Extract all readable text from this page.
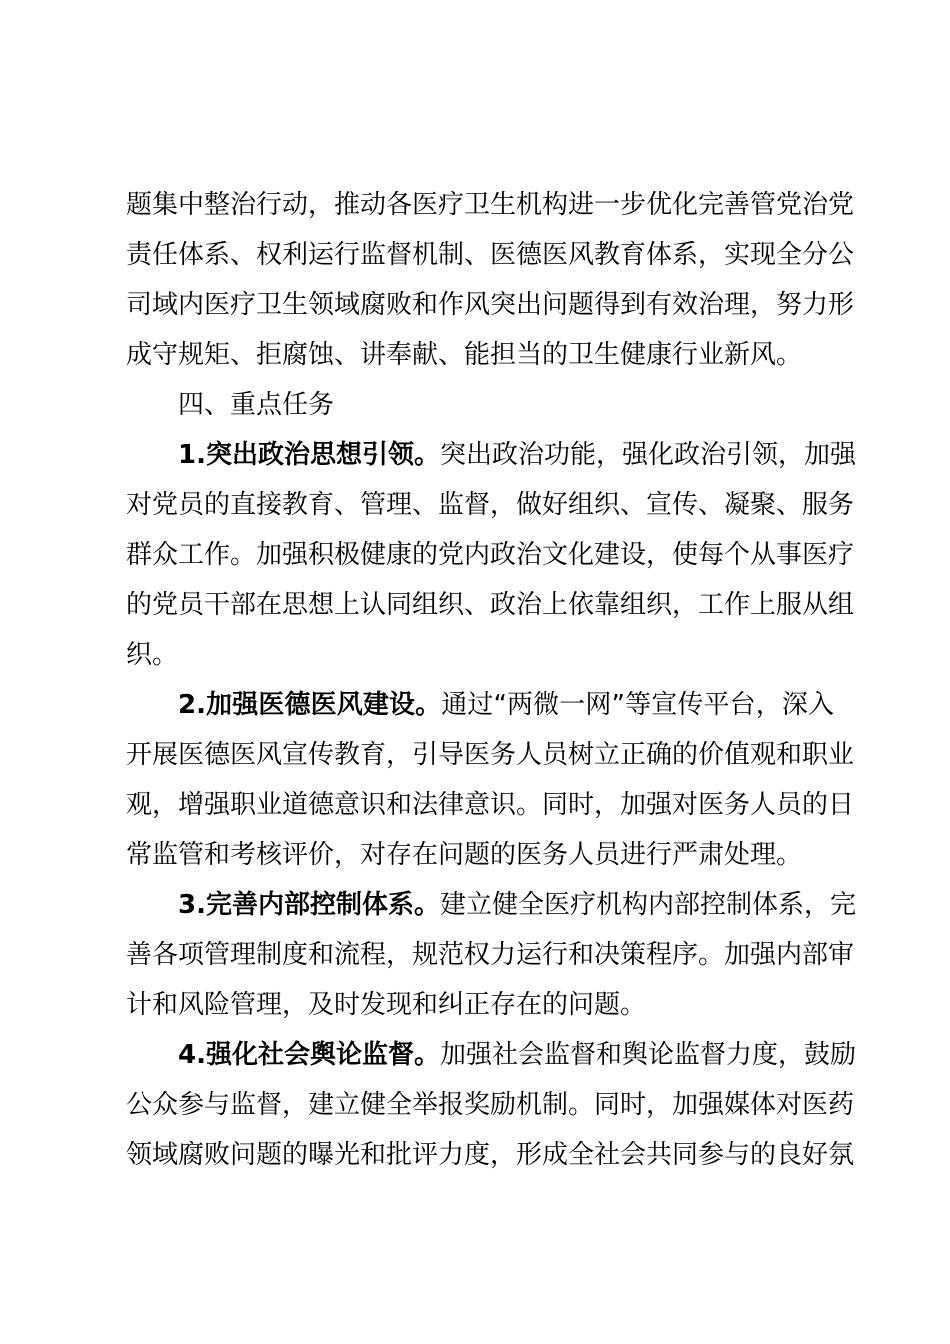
题集中整治行动，推动各医疗卫生机构进一步优化完善管党治党
责任体系、权利运行监督机制、医德医风教育体系，实现全分公
司域内医疗卫生领域腐败和作风突出问题得到有效治理，努力形
成守规矩、拒腐蚀、讲奉献、能担当的卫生健康行业新风。
四、重点任务
1.突出政治思想引领。突出政治功能，强化政治引领，加强
对党员的直接教育、管理、监督，做好组织、宣传、凝聚、服务
群众工作。加强积极健康的党内政治文化建设，使每个从事医疗
的党员干部在思想上认同组织、政治上依靠组织，工作上服从组
织。
2.加强医德医风建设。通过“两微一网”等宣传平台，深入
开展医德医风宣传教育，引导医务人员树立正确的价值观和职业
观，增强职业道德意识和法律意识。同时，加强对医务人员的日
常监管和考核评价，对存在问题的医务人员进行严肃处理。
3.完善内部控制体系。建立健全医疗机构内部控制体系，完
善各项管理制度和流程，规范权力运行和决策程序。加强内部审
计和风险管理，及时发现和纠正存在的问题。
4.强化社会舆论监督。加强社会监督和舆论监督力度，鼓励
公众参与监督，建立健全举报奖励机制。同时，加强媒体对医药
领域腐败问题的曝光和批评力度，形成全社会共同参与的良好氛
